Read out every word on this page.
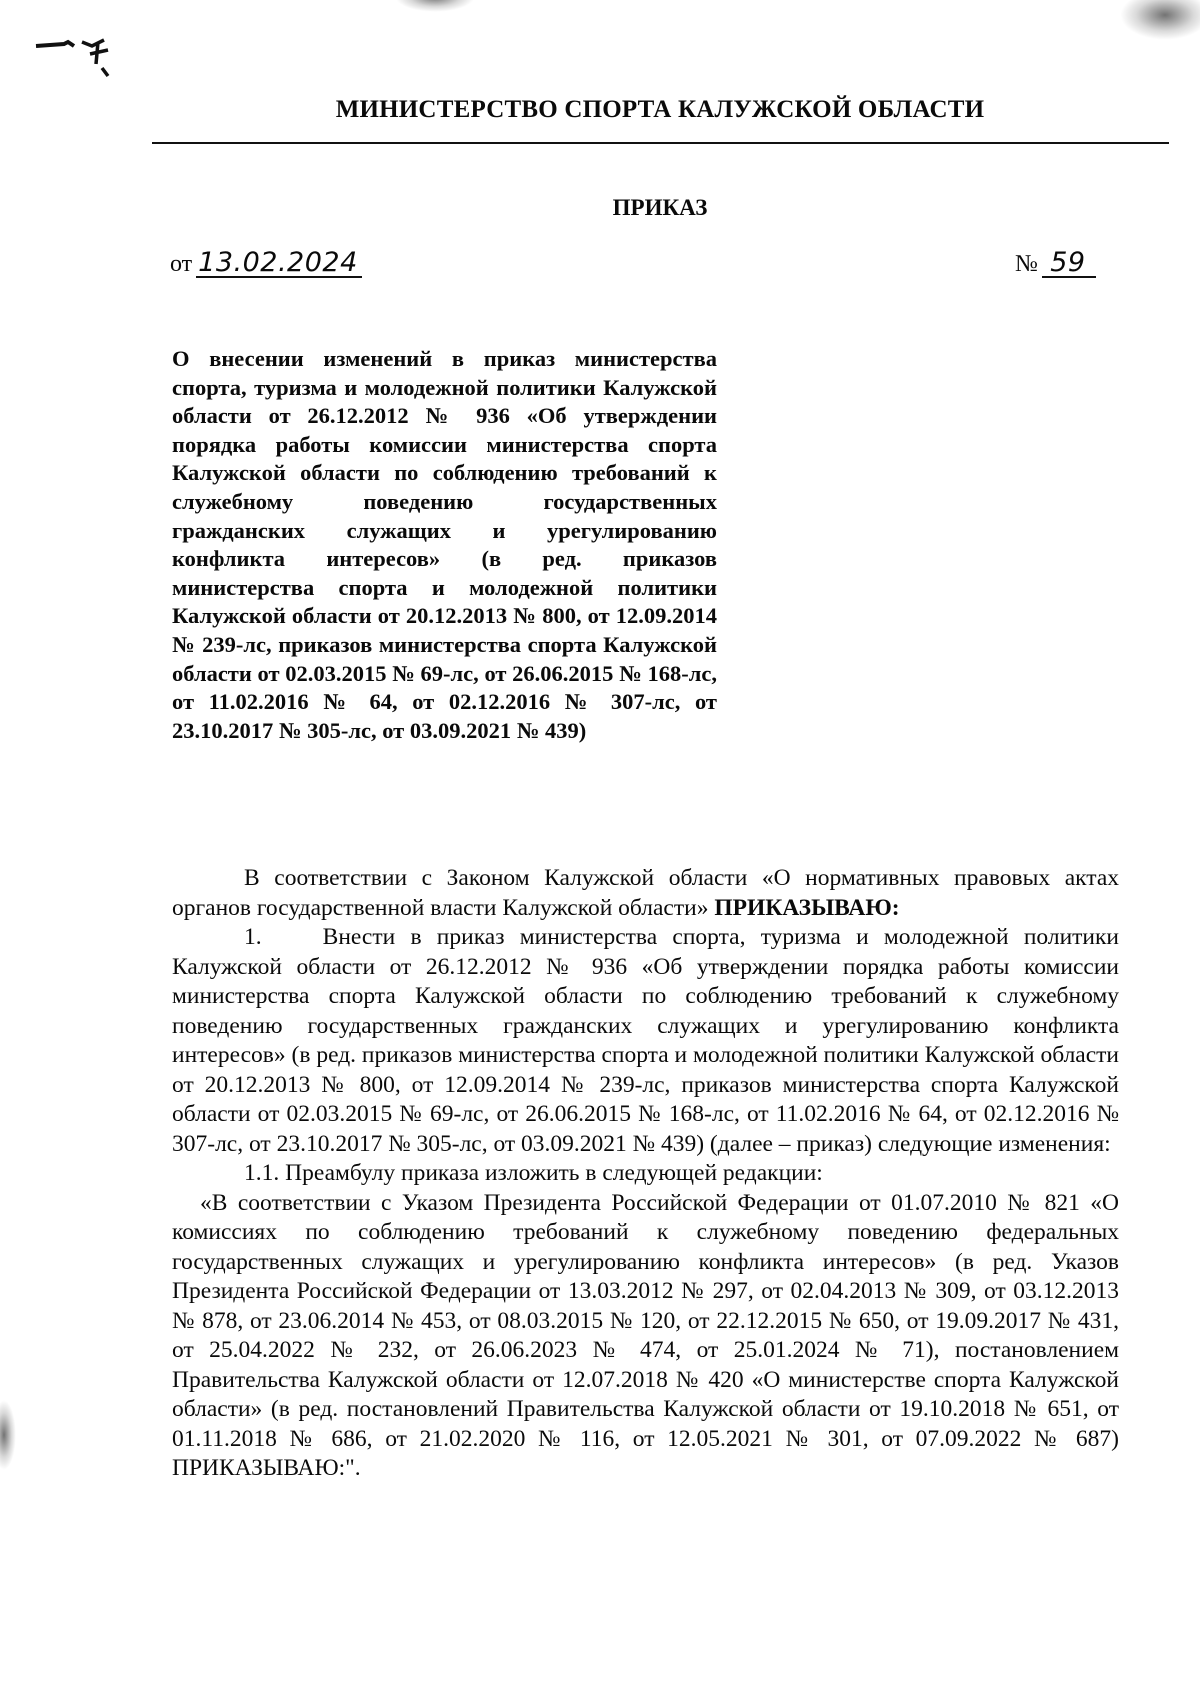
МИНИСТЕРСТВО СПОРТА КАЛУЖСКОЙ ОБЛАСТИ
ПРИКАЗ
от 13.02.2024	№ 59
О внесении изменений в приказ министерства спорта, туризма и молодежной политики Калужской области от 26.12.2012 № 936 «Об утверждении порядка работы комиссии министерства спорта Калужской области по соблюдению требований к служебному поведению государственных гражданских служащих и урегулированию конфликта интересов» (в ред. приказов министерства спорта и молодежной политики Калужской области от 20.12.2013 № 800, от 12.09.2014 № 239-лс, приказов министерства спорта Калужской области от 02.03.2015 № 69-лс, от 26.06.2015 № 168-лс, от 11.02.2016 № 64, от 02.12.2016 № 307-лс, от 23.10.2017 № 305-лс, от 03.09.2021 № 439)

В соответствии с Законом Калужской области «О нормативных правовых актах органов государственной власти Калужской области» ПРИКАЗЫВАЮ:

1.    Внести в приказ министерства спорта, туризма и молодежной политики Калужской области от 26.12.2012 № 936 «Об утверждении порядка работы комиссии министерства спорта Калужской области по соблюдению требований к служебному поведению государственных гражданских служащих и урегулированию конфликта интересов» (в ред. приказов министерства спорта и молодежной политики Калужской области от 20.12.2013 № 800, от 12.09.2014 № 239-лс, приказов министерства спорта Калужской области от 02.03.2015 № 69-лс, от 26.06.2015 № 168-лс, от 11.02.2016 № 64, от 02.12.2016 № 307-лс, от 23.10.2017 № 305-лс, от 03.09.2021 № 439) (далее – приказ) следующие изменения:

1.1. Преамбулу приказа изложить в следующей редакции:

«В соответствии с Указом Президента Российской Федерации от 01.07.2010 № 821 «О комиссиях по соблюдению требований к служебному поведению федеральных государственных служащих и урегулированию конфликта интересов» (в ред. Указов Президента Российской Федерации от 13.03.2012 № 297, от 02.04.2013 № 309, от 03.12.2013 № 878, от 23.06.2014 № 453, от 08.03.2015 № 120, от 22.12.2015 № 650, от 19.09.2017 № 431, от 25.04.2022 № 232, от 26.06.2023 № 474, от 25.01.2024 № 71), постановлением Правительства Калужской области от 12.07.2018 № 420 «О министерстве спорта Калужской области» (в ред. постановлений Правительства Калужской области от 19.10.2018 № 651, от 01.11.2018 № 686, от 21.02.2020 № 116, от 12.05.2021 № 301, от 07.09.2022 № 687) ПРИКАЗЫВАЮ:".
